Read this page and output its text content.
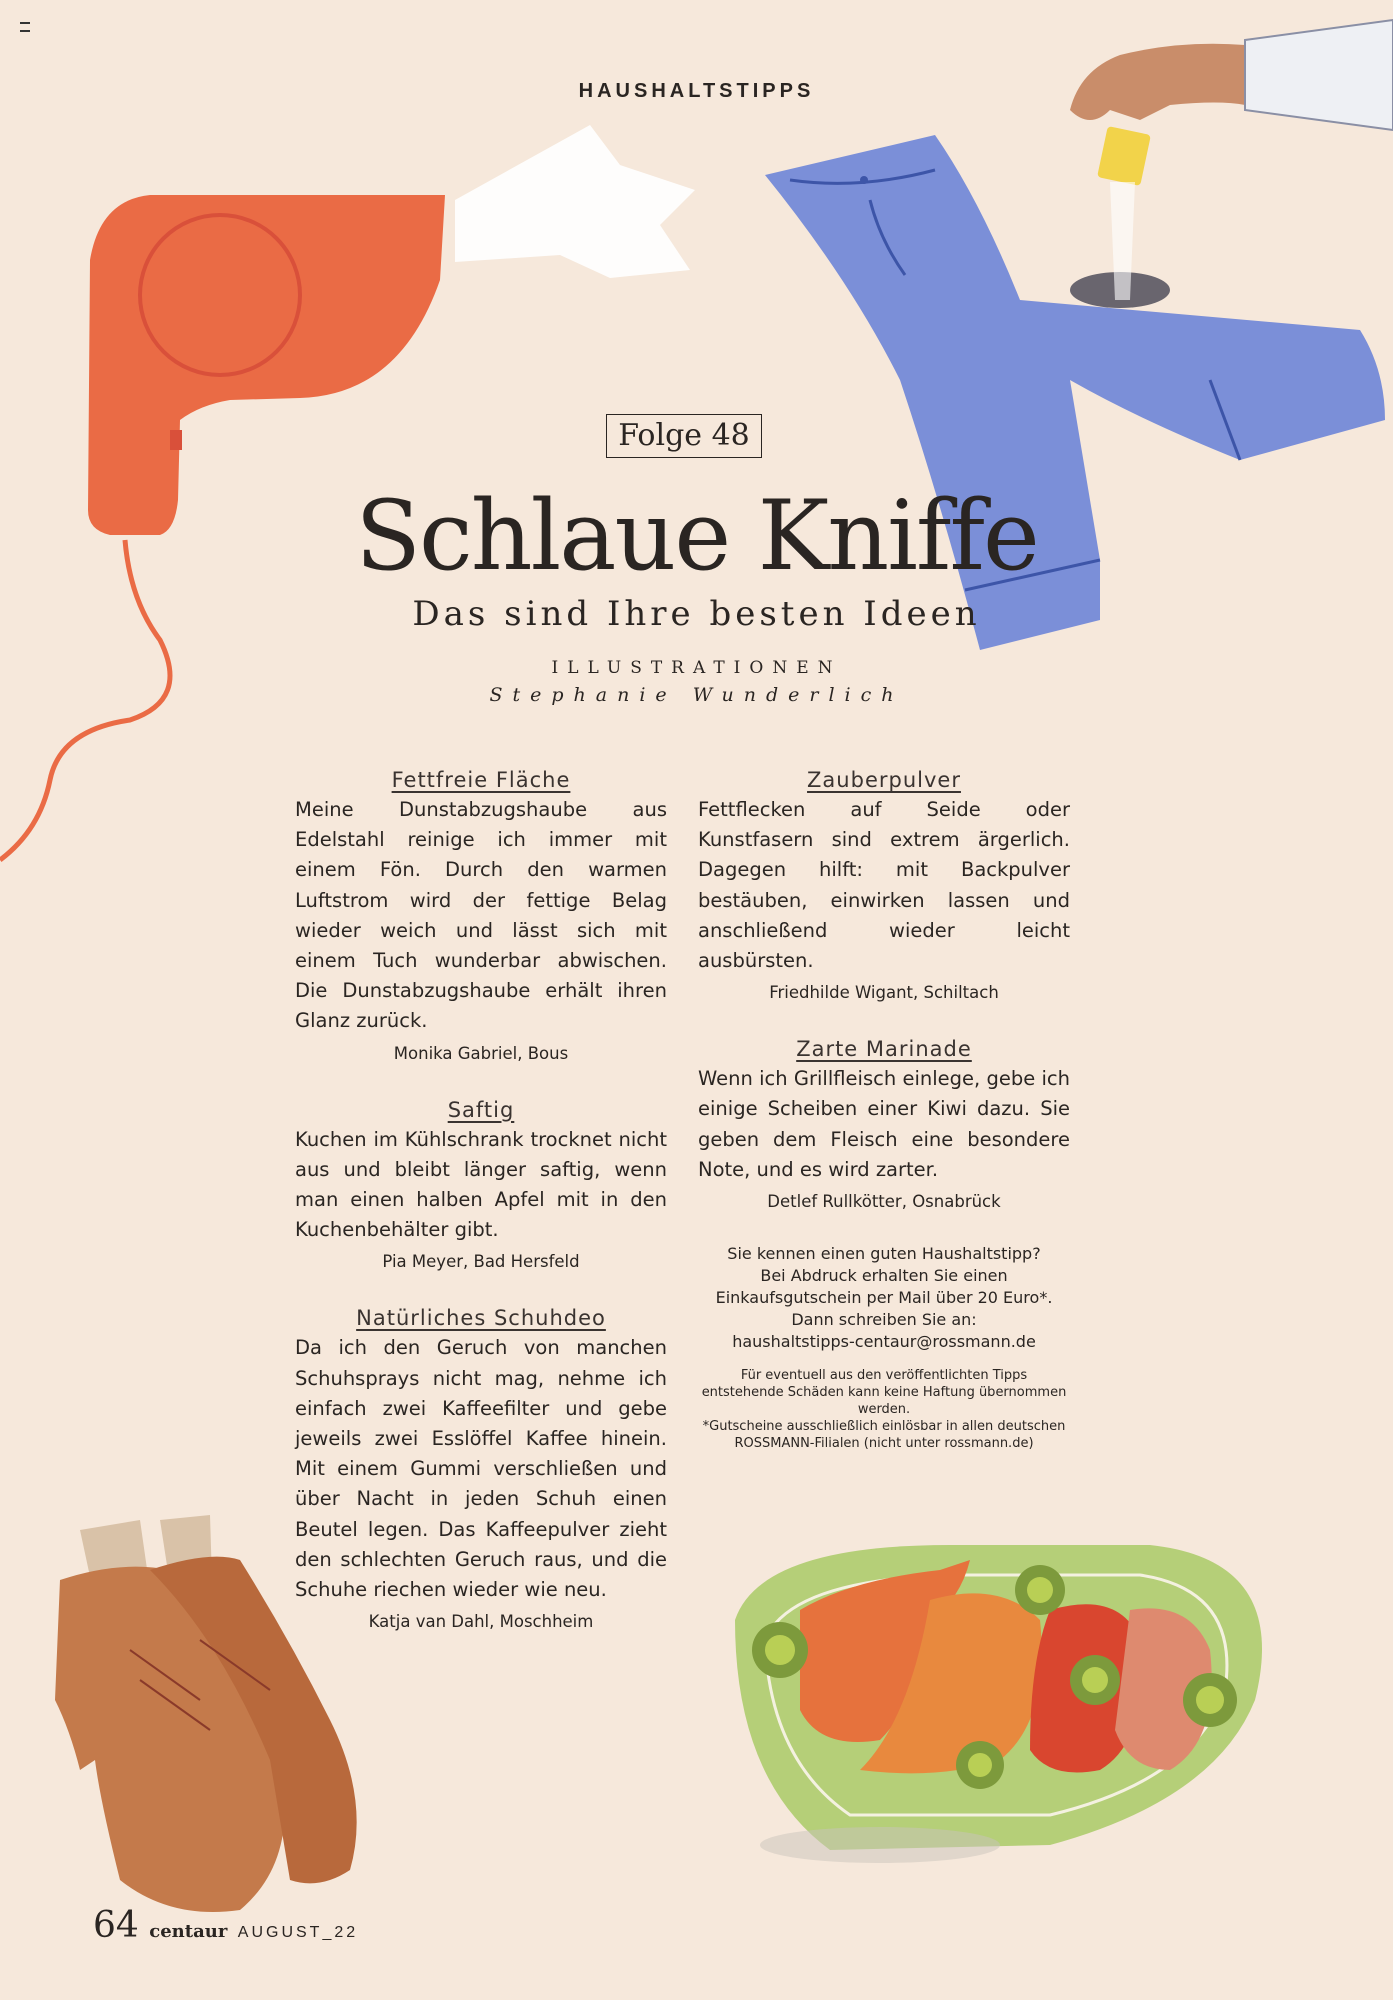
HAUSHALTSTIPPS
Folge 48
Schlaue Kniffe
Das sind Ihre besten Ideen
ILLUSTRATIONEN
Stephanie Wunderlich
Fettfreie Fläche

Meine Dunstabzugshaube aus Edelstahl reinige ich immer mit einem Fön. Durch den warmen Luftstrom wird der fettige Belag wieder weich und lässt sich mit einem Tuch wunderbar abwischen. Die Dunstabzugshaube erhält ihren Glanz zurück.

Monika Gabriel, Bous
Saftig

Kuchen im Kühlschrank trocknet nicht aus und bleibt länger saftig, wenn man einen halben Apfel mit in den Kuchenbehälter gibt.

Pia Meyer, Bad Hersfeld
Natürliches Schuhdeo

Da ich den Geruch von manchen Schuhsprays nicht mag, nehme ich einfach zwei Kaffeefilter und gebe jeweils zwei Esslöffel Kaffee hinein. Mit einem Gummi verschließen und über Nacht in jeden Schuh einen Beutel legen. Das Kaffeepulver zieht den schlechten Geruch raus, und die Schuhe riechen wieder wie neu.

Katja van Dahl, Moschheim
Zauberpulver

Fettflecken auf Seide oder Kunstfasern sind extrem ärgerlich. Dagegen hilft: mit Backpulver bestäuben, einwirken lassen und anschließend wieder leicht ausbürsten.

Friedhilde Wigant, Schiltach
Zarte Marinade

Wenn ich Grillfleisch einlege, gebe ich einige Scheiben einer Kiwi dazu. Sie geben dem Fleisch eine besondere Note, und es wird zarter.

Detlef Rullkötter, Osnabrück
Sie kennen einen guten Haushaltstipp?
Bei Abdruck erhalten Sie einen
Einkaufsgutschein per Mail über 20 Euro*.
Dann schreiben Sie an:
haushaltstipps-centaur@rossmann.de
Für eventuell aus den veröffentlichten Tipps entstehende Schäden kann keine Haftung übernommen werden.
*Gutscheine ausschließlich einlösbar in allen deutschen ROSSMANN-Filialen (nicht unter rossmann.de)
64 centaur AUGUST_22
